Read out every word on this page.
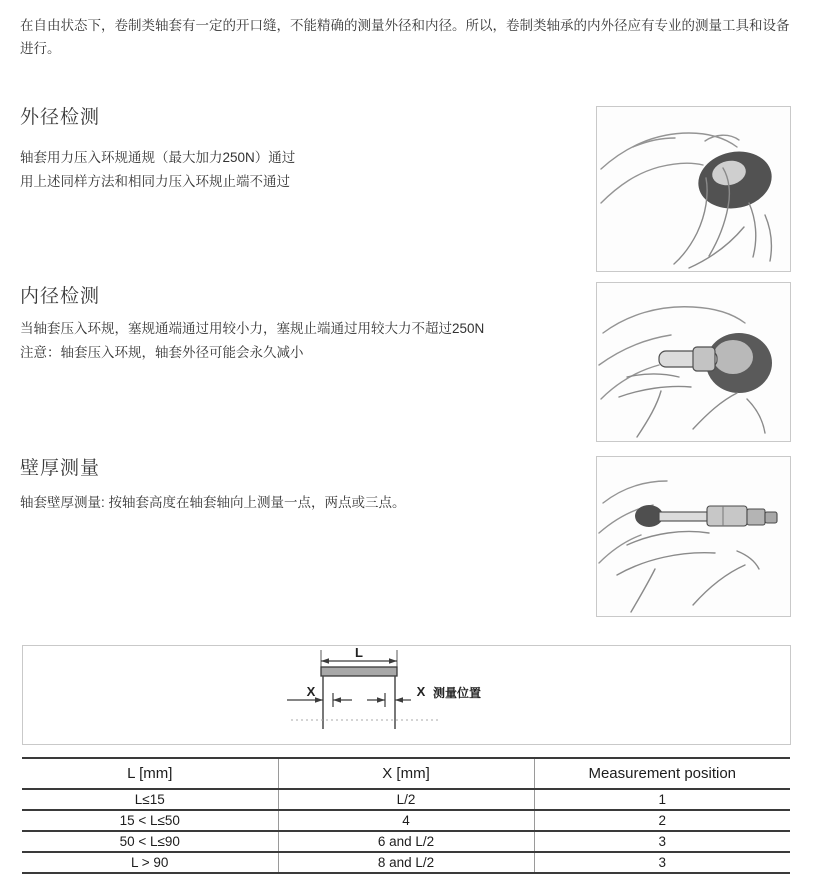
在自由状态下，卷制类轴套有一定的开口缝，不能精确的测量外径和内径。所以，卷制类轴承的内外径应有专业的测量工具和设备进行。

外径检测

轴套用力压入环规通规（最大加力250N）通过

用上述同样方法和相同力压入环规止端不通过

内径检测

当轴套压入环规，塞规通端通过用较小力，塞规止端通过用较大力不超过250N

注意：轴套压入环规，轴套外径可能会永久减小

壁厚测量

轴套壁厚测量: 按轴套高度在轴套轴向上测量一点，两点或三点。

L
X	X 测量位置
L [mm]	X [mm]	Measurement position
L≤15	L/2	1
15 < L≤50	4	2
50 < L≤90	6 and L/2	3
L > 90	8 and L/2	3
